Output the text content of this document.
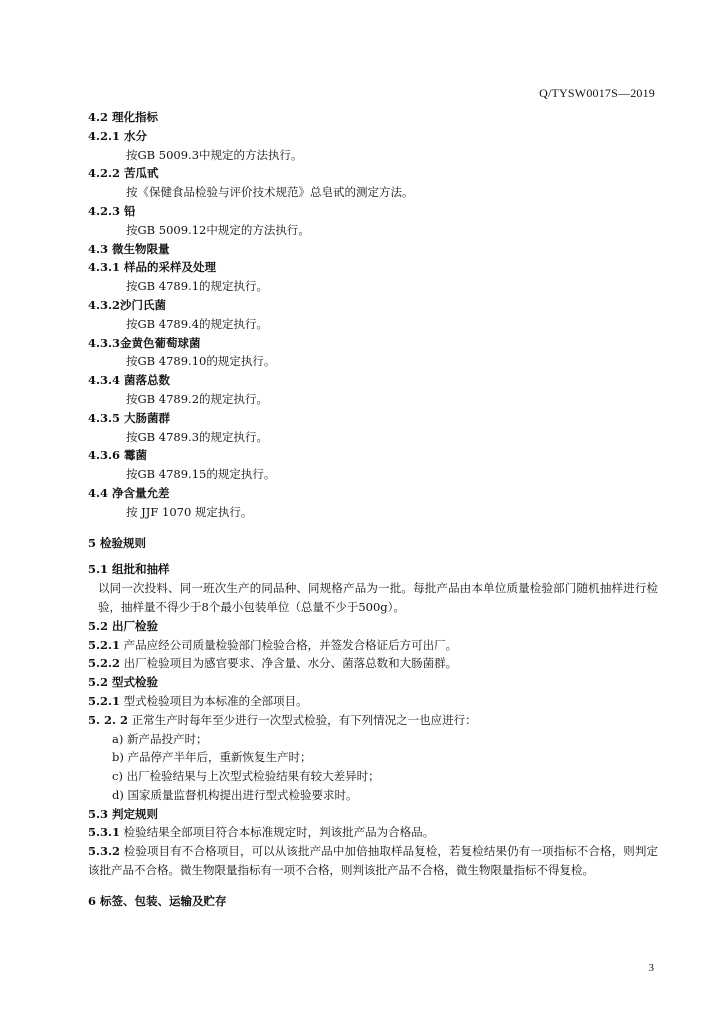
Q/TYSW0017S—2019
4.2 理化指标
4.2.1 水分
按GB 5009.3中规定的方法执行。
4.2.2 苦瓜甙
按《保健食品检验与评价技术规范》总皂甙的测定方法。
4.2.3 铅
按GB 5009.12中规定的方法执行。
4.3 微生物限量
4.3.1 样品的采样及处理
按GB 4789.1的规定执行。
4.3.2沙门氏菌
按GB 4789.4的规定执行。
4.3.3金黄色葡萄球菌
按GB 4789.10的规定执行。
4.3.4 菌落总数
按GB 4789.2的规定执行。
4.3.5 大肠菌群
按GB 4789.3的规定执行。
4.3.6 霉菌
按GB 4789.15的规定执行。
4.4 净含量允差
按 JJF 1070 规定执行。
5 检验规则
5.1 组批和抽样
以同一次投料、同一班次生产的同品种、同规格产品为一批。每批产品由本单位质量检验部门随机抽样进行检验，抽样量不得少于8个最小包装单位（总量不少于500g）。
5.2 出厂检验
5.2.1 产品应经公司质量检验部门检验合格，并签发合格证后方可出厂。
5.2.2 出厂检验项目为感官要求、净含量、水分、菌落总数和大肠菌群。
5.2 型式检验
5.2.1 型式检验项目为本标准的全部项目。
5. 2. 2 正常生产时每年至少进行一次型式检验，有下列情况之一也应进行：
a) 新产品投产时；
b) 产品停产半年后，重新恢复生产时；
c) 出厂检验结果与上次型式检验结果有较大差异时；
d) 国家质量监督机构提出进行型式检验要求时。
5.3 判定规则
5.3.1 检验结果全部项目符合本标准规定时，判该批产品为合格品。
5.3.2 检验项目有不合格项目，可以从该批产品中加倍抽取样品复检，若复检结果仍有一项指标不合格，则判定该批产品不合格。微生物限量指标有一项不合格，则判该批产品不合格，微生物限量指标不得复检。
6 标签、包装、运输及贮存
3
